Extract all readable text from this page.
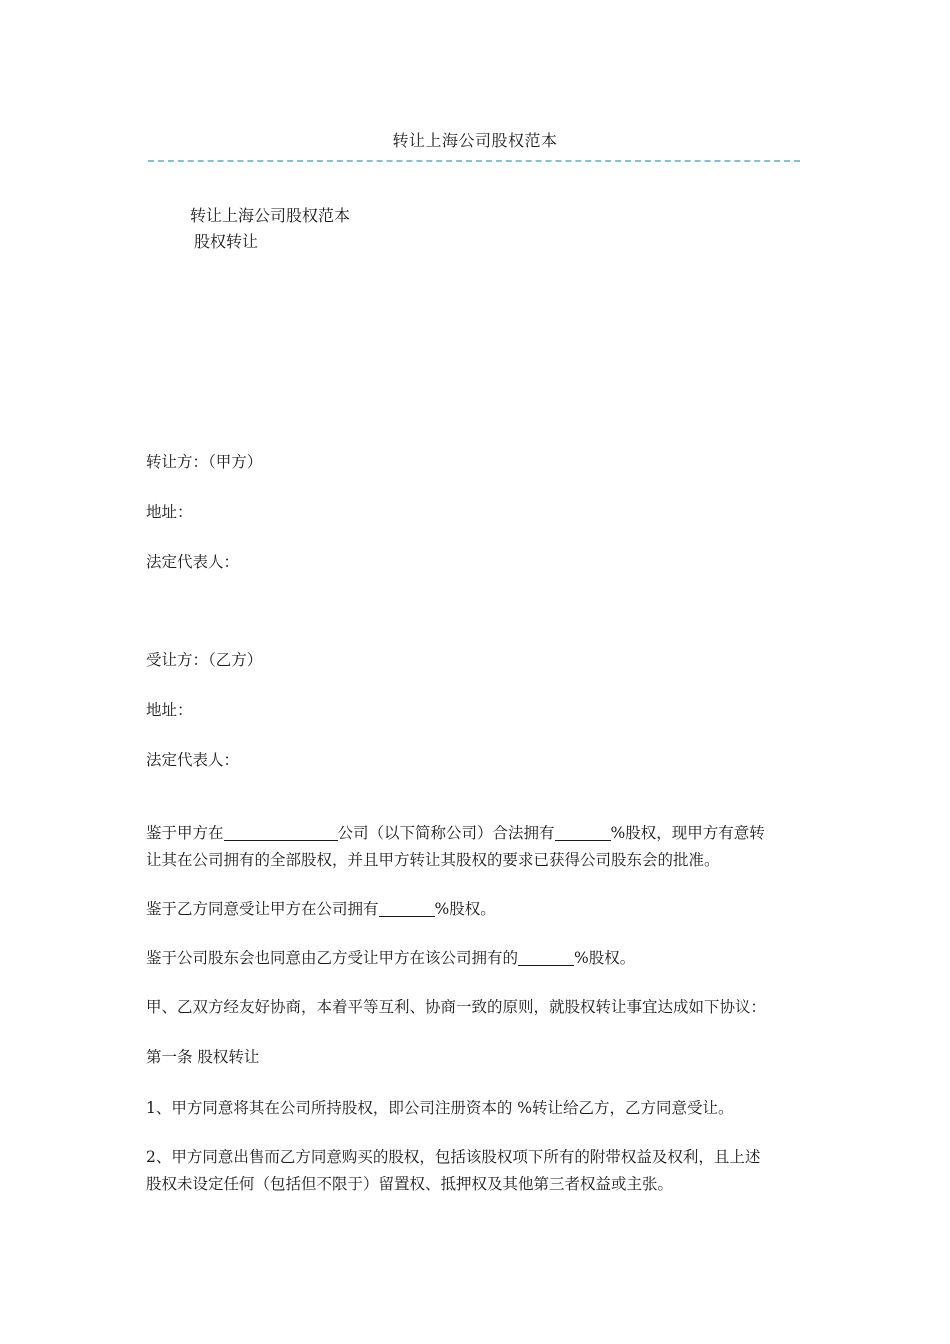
转让上海公司股权范本
转让上海公司股权范本
股权转让
转让方：（甲方）
地址：
法定代表人：
受让方：（乙方）
地址：
法定代表人：
鉴于甲方在	公司（以下简称公司）合法拥有	%股权，现甲方有意转
让其在公司拥有的全部股权，并且甲方转让其股权的要求已获得公司股东会的批准。
鉴于乙方同意受让甲方在公司拥有	%股权。
鉴于公司股东会也同意由乙方受让甲方在该公司拥有的	%股权。
甲、乙双方经友好协商，本着平等互利、协商一致的原则，就股权转让事宜达成如下协议：
第一条 股权转让
1、甲方同意将其在公司所持股权，即公司注册资本的 %转让给乙方，乙方同意受让。
2、甲方同意出售而乙方同意购买的股权，包括该股权项下所有的附带权益及权利，且上述
股权未设定任何（包括但不限于）留置权、抵押权及其他第三者权益或主张。
